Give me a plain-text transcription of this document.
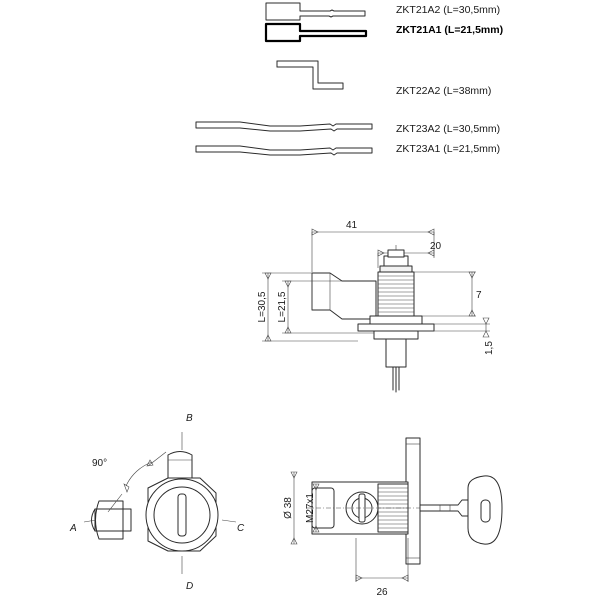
ZKT21A2 (L=30,5mm)
ZKT21A1 (L=21,5mm)
ZKT22A2 (L=38mm)
ZKT23A2 (L=30,5mm)
ZKT23A1 (L=21,5mm)
41
20
7
1,5
L=30,5 L=21,5
90°
A
B
C
D
Ø 38 M27x1
26
